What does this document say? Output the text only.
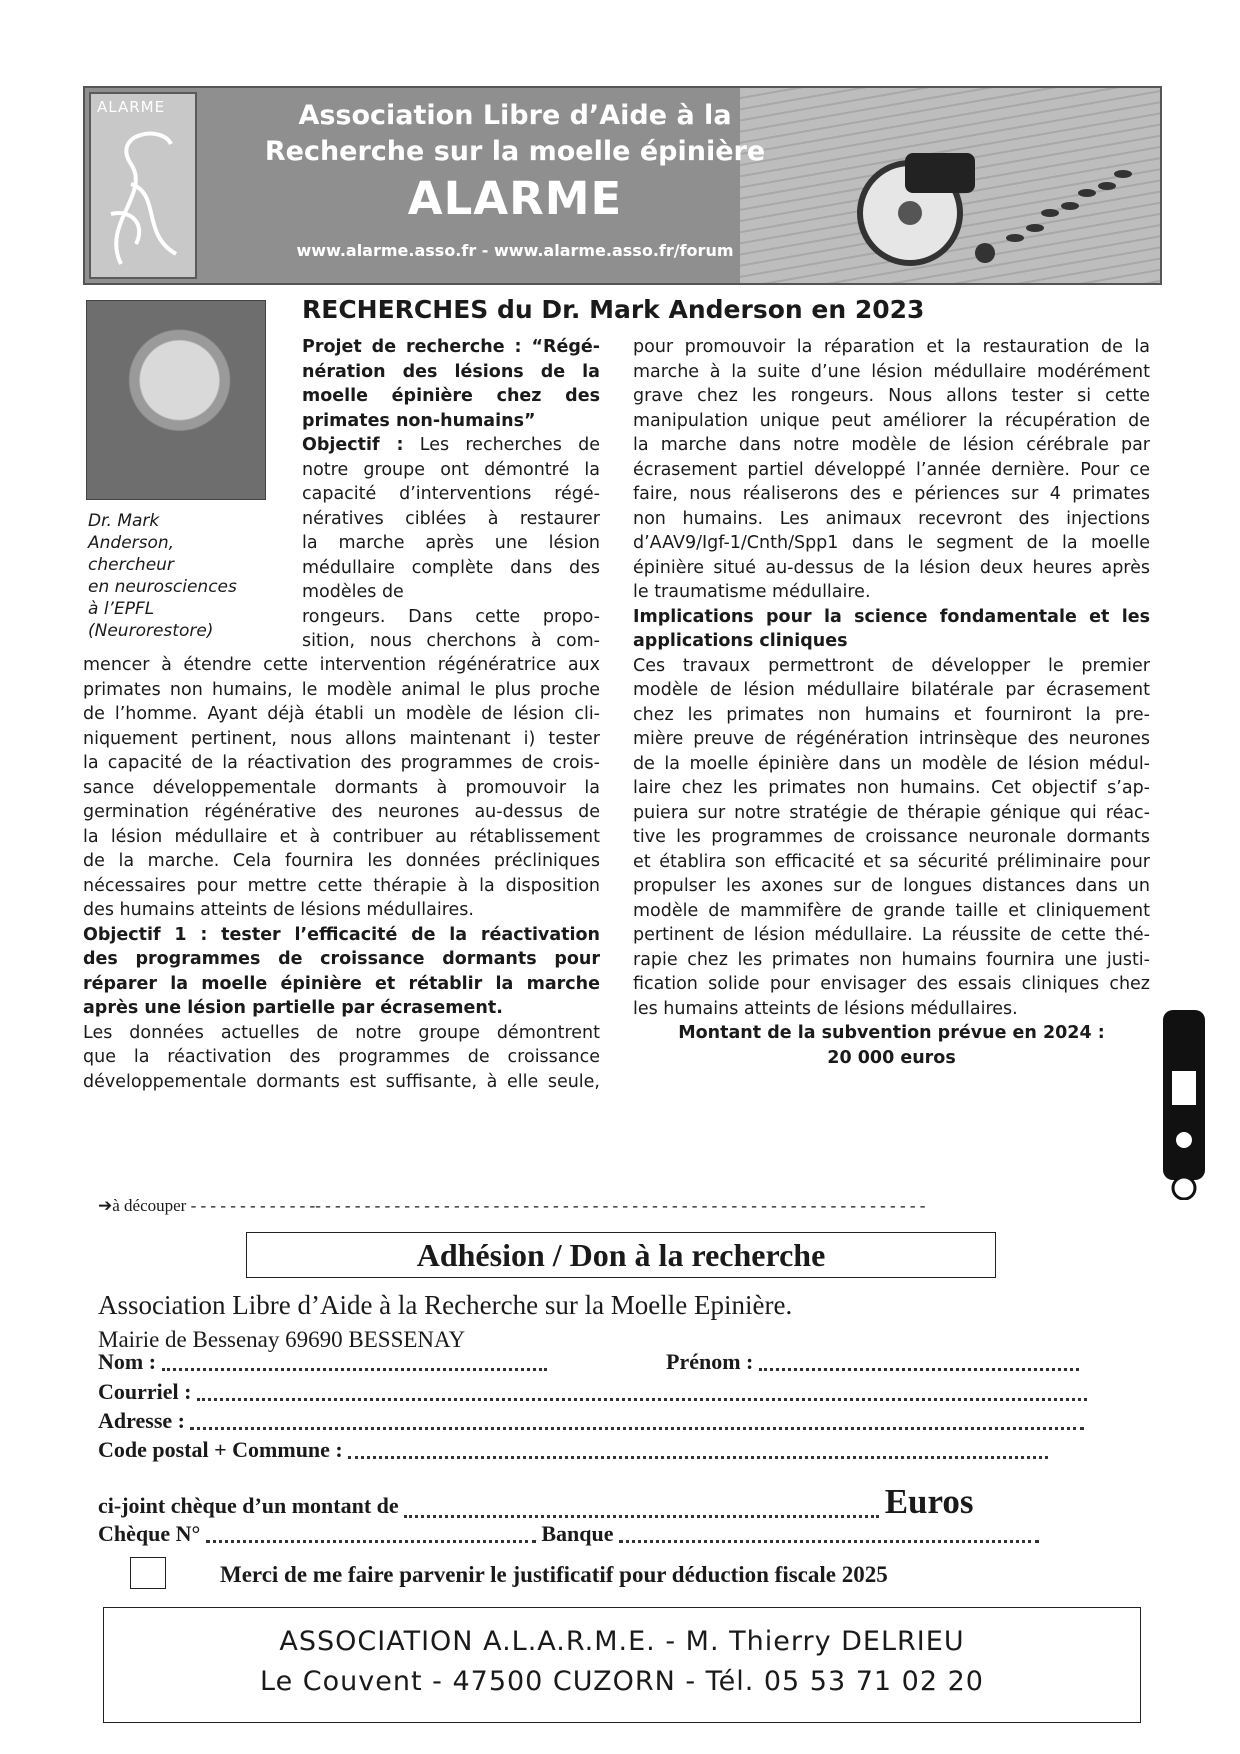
ALARME	Association Libre d’Aide à la
Recherche sur la moelle épinière
ALARME
www.alarme.asso.fr - www.alarme.asso.fr/forum
Dr. Mark
Anderson,
chercheur
en neurosciences
à l’EPFL
(Neurorestore)
RECHERCHES du Dr. Mark Anderson en 2023
Projet de recherche : “Régé-
nération des lésions de la
moelle épinière chez des
primates non-humains”
Objectif : Les recherches de
notre groupe ont démontré la
capacité d’interventions régé-
nératives ciblées à restaurer
la marche après une lésion
médullaire complète dans des
modèles de
rongeurs. Dans cette propo-
sition, nous cherchons à com-
mencer à étendre cette intervention régénératrice aux
primates non humains, le modèle animal le plus proche
de l’homme. Ayant déjà établi un modèle de lésion cli-
niquement pertinent, nous allons maintenant i) tester
la capacité de la réactivation des programmes de crois-
sance développementale dormants à promouvoir la
germination régénérative des neurones au-dessus de
la lésion médullaire et à contribuer au rétablissement
de la marche. Cela fournira les données précliniques
nécessaires pour mettre cette thérapie à la disposition
des humains atteints de lésions médullaires.
Objectif 1 : tester l’efficacité de la réactivation
des programmes de croissance dormants pour
réparer la moelle épinière et rétablir la marche
après une lésion partielle par écrasement.
Les données actuelles de notre groupe démontrent
que la réactivation des programmes de croissance
développementale dormants est suffisante, à elle seule,
pour promouvoir la réparation et la restauration de la
marche à la suite d’une lésion médullaire modérément
grave chez les rongeurs. Nous allons tester si cette
manipulation unique peut améliorer la récupération de
la marche dans notre modèle de lésion cérébrale par
écrasement partiel développé l’année dernière. Pour ce
faire, nous réaliserons des e périences sur 4 primates
non humains. Les animaux recevront des injections
d’AAV9/Igf-1/Cnth/Spp1 dans le segment de la moelle
épinière situé au-dessus de la lésion deux heures après
le traumatisme médullaire.
Implications pour la science fondamentale et les
applications cliniques
Ces travaux permettront de développer le premier
modèle de lésion médullaire bilatérale par écrasement
chez les primates non humains et fourniront la pre-
mière preuve de régénération intrinsèque des neurones
de la moelle épinière dans un modèle de lésion médul-
laire chez les primates non humains. Cet objectif s’ap-
puiera sur notre stratégie de thérapie génique qui réac-
tive les programmes de croissance neuronale dormants
et établira son efficacité et sa sécurité préliminaire pour
propulser les axones sur de longues distances dans un
modèle de mammifère de grande taille et cliniquement
pertinent de lésion médullaire. La réussite de cette thé-
rapie chez les primates non humains fournira une justi-
fication solide pour envisager des essais cliniques chez
les humains atteints de lésions médullaires.
Montant de la subvention prévue en 2024 :
20 000 euros
➔à découper - - - - - - - - - - - - -- - - - - - - - - - - - - - - - - - - - - - - - - - - - - - - - - - - - - - - - - - - - - - - - - - - - - - - - - - - - - -
Adhésion / Don à la recherche
Association Libre d’Aide à la Recherche sur la Moelle Epinière.
Mairie de Bessenay 69690 BESSENAY
Nom :	Prénom :
Courriel :
Adresse :
Code postal + Commune :
ci-joint chèque d’un montant de	Euros
Chèque N°	Banque
Merci de me faire parvenir le justificatif pour déduction fiscale 2025
ASSOCIATION A.L.A.R.M.E. - M. Thierry DELRIEU
Le Couvent - 47500 CUZORN - Tél. 05 53 71 02 20
